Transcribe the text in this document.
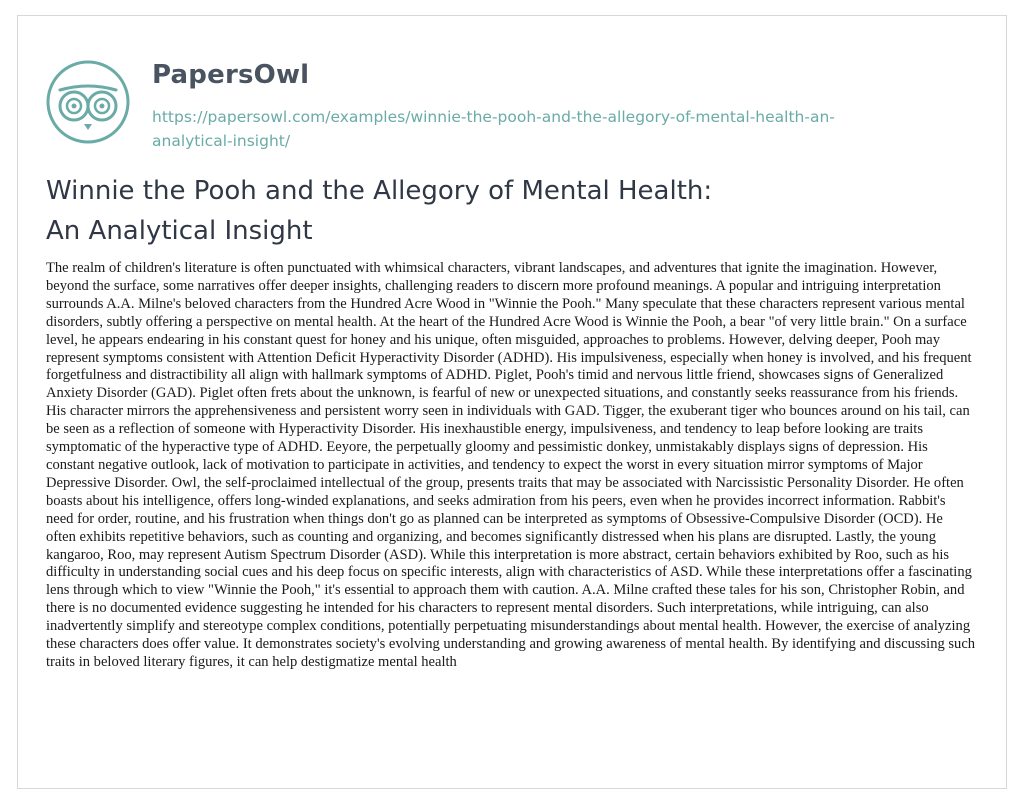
PapersOwl
https://papersowl.com/examples/winnie-the-pooh-and-the-allegory-of-mental-health-an-
analytical-insight/
Winnie the Pooh and the Allegory of Mental Health:
An Analytical Insight

The realm of children's literature is often punctuated with whimsical characters, vibrant landscapes, and adventures that ignite the imagination. However, beyond the surface, some narratives offer deeper insights, challenging readers to discern more profound meanings. A popular and intriguing interpretation surrounds A.A. Milne's beloved characters from the Hundred Acre Wood in "Winnie the Pooh." Many speculate that these characters represent various mental disorders, subtly offering a perspective on mental health. At the heart of the Hundred Acre Wood is Winnie the Pooh, a bear "of very little brain." On a surface level, he appears endearing in his constant quest for honey and his unique, often misguided, approaches to problems. However, delving deeper, Pooh may represent symptoms consistent with Attention Deficit Hyperactivity Disorder (ADHD). His impulsiveness, especially when honey is involved, and his frequent forgetfulness and distractibility all align with hallmark symptoms of ADHD. Piglet, Pooh's timid and nervous little friend, showcases signs of Generalized Anxiety Disorder (GAD). Piglet often frets about the unknown, is fearful of new or unexpected situations, and constantly seeks reassurance from his friends. His character mirrors the apprehensiveness and persistent worry seen in individuals with GAD. Tigger, the exuberant tiger who bounces around on his tail, can be seen as a reflection of someone with Hyperactivity Disorder. His inexhaustible energy, impulsiveness, and tendency to leap before looking are traits symptomatic of the hyperactive type of ADHD. Eeyore, the perpetually gloomy and pessimistic donkey, unmistakably displays signs of depression. His constant negative outlook, lack of motivation to participate in activities, and tendency to expect the worst in every situation mirror symptoms of Major Depressive Disorder. Owl, the self-proclaimed intellectual of the group, presents traits that may be associated with Narcissistic Personality Disorder. He often boasts about his intelligence, offers long-winded explanations, and seeks admiration from his peers, even when he provides incorrect information. Rabbit's need for order, routine, and his frustration when things don't go as planned can be interpreted as symptoms of Obsessive-Compulsive Disorder (OCD). He often exhibits repetitive behaviors, such as counting and organizing, and becomes significantly distressed when his plans are disrupted. Lastly, the young kangaroo, Roo, may represent Autism Spectrum Disorder (ASD). While this interpretation is more abstract, certain behaviors exhibited by Roo, such as his difficulty in understanding social cues and his deep focus on specific interests, align with characteristics of ASD. While these interpretations offer a fascinating lens through which to view "Winnie the Pooh," it's essential to approach them with caution. A.A. Milne crafted these tales for his son, Christopher Robin, and there is no documented evidence suggesting he intended for his characters to represent mental disorders. Such interpretations, while intriguing, can also inadvertently simplify and stereotype complex conditions, potentially perpetuating misunderstandings about mental health. However, the exercise of analyzing these characters does offer value. It demonstrates society's evolving understanding and growing awareness of mental health. By identifying and discussing such traits in beloved literary figures, it can help destigmatize mental health
